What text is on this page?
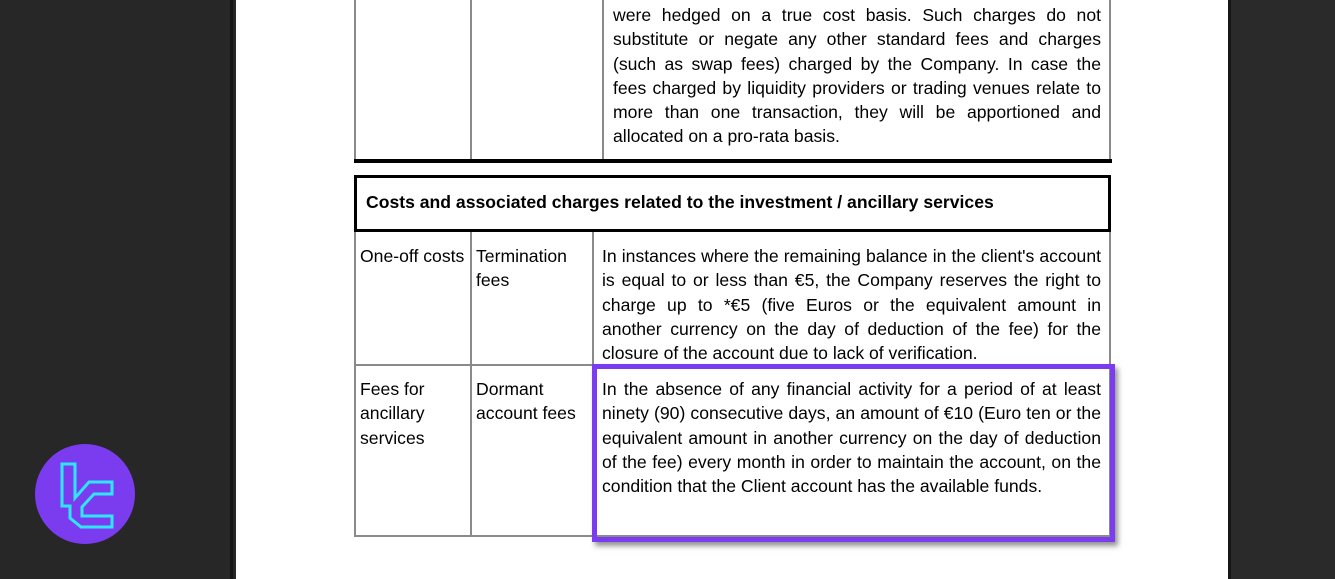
were hedged on a true cost basis. Such charges do not substitute or negate any other standard fees and charges (such as swap fees) charged by the Company. In case the fees charged by liquidity providers or trading venues relate to more than one transaction, they will be apportioned and allocated on a pro-rata basis.
Costs and associated charges related to the investment / ancillary services
One-off costs Termination fees
In instances where the remaining balance in the client's account is equal to or less than €5, the Company reserves the right to charge up to *€5 (five Euros or the equivalent amount in another currency on the day of deduction of the fee) for the closure of the account due to lack of verification.
Fees for ancillary services
Dormant account fees
In the absence of any financial activity for a period of at least ninety (90) consecutive days, an amount of €10 (Euro ten or the equivalent amount in another currency on the day of deduction of the fee) every month in order to maintain the account, on the condition that the Client account has the available funds.
